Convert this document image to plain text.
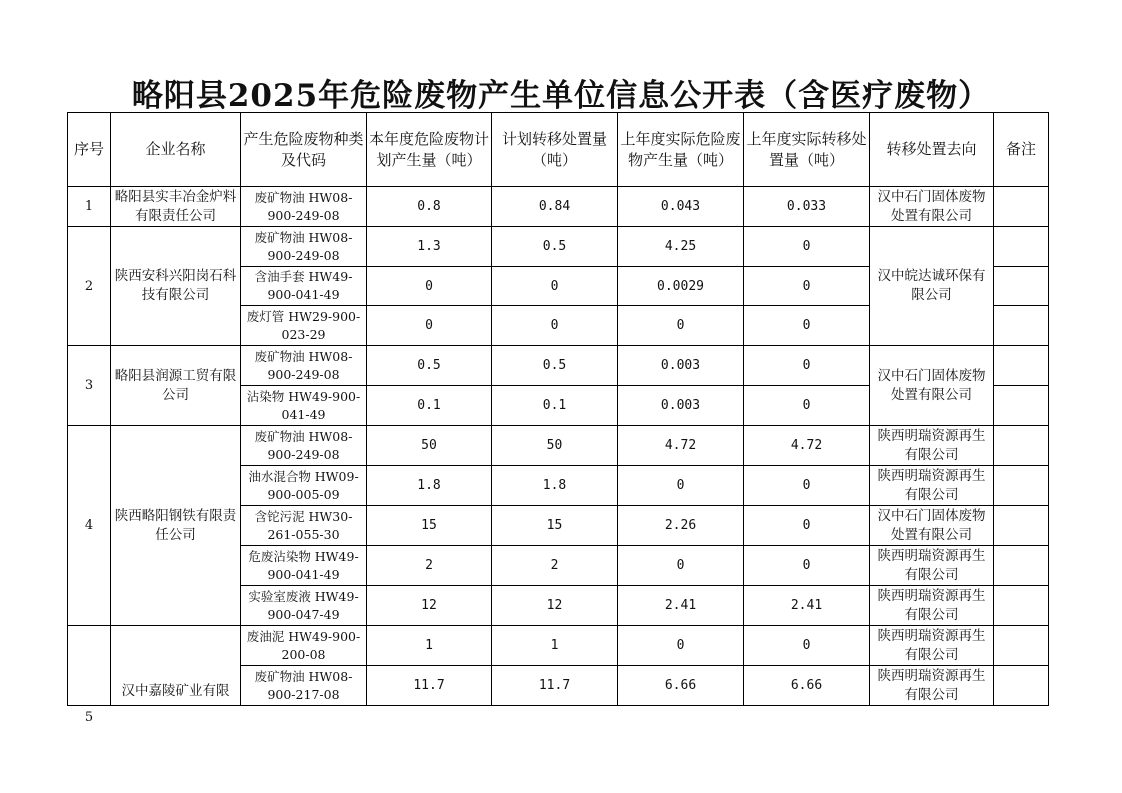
略阳县2025年危险废物产生单位信息公开表（含医疗废物）
序号	企业名称	产生危险废物种类及代码	本年度危险废物计划产生量（吨）	计划转移处置量（吨）	上年度实际危险废物产生量（吨）	上年度实际转移处置量（吨）	转移处置去向	备注
1	略阳县实丰冶金炉料有限责任公司	废矿物油 HW08-900-249-08	0.8	0.84	0.043	0.033	汉中石门固体废物处置有限公司	
2	陕西安科兴阳岗石科技有限公司	废矿物油 HW08-900-249-08	1.3	0.5	4.25	0	汉中皖达诚环保有限公司	
		含油手套 HW49-900-041-49	0	0	0.0029	0		
		废灯管 HW29-900-023-29	0	0	0	0		
3	略阳县润源工贸有限公司	废矿物油 HW08-900-249-08	0.5	0.5	0.003	0	汉中石门固体废物处置有限公司	
		沾染物 HW49-900-041-49	0.1	0.1	0.003	0		
4	陕西略阳钢铁有限责任公司	废矿物油 HW08-900-249-08	50	50	4.72	4.72	陕西明瑞资源再生有限公司	
		油水混合物 HW09-900-005-09	1.8	1.8	0	0	陕西明瑞资源再生有限公司	
		含铊污泥 HW30-261-055-30	15	15	2.26	0	汉中石门固体废物处置有限公司	
		危废沾染物 HW49-900-041-49	2	2	0	0	陕西明瑞资源再生有限公司	
		实验室废液 HW49-900-047-49	12	12	2.41	2.41	陕西明瑞资源再生有限公司	

5	汉中嘉陵矿业有限	废油泥 HW49-900-200-08	1	1	0	0	陕西明瑞资源再生有限公司	
		废矿物油 HW08-900-217-08	11.7	11.7	6.66	6.66	陕西明瑞资源再生有限公司	
